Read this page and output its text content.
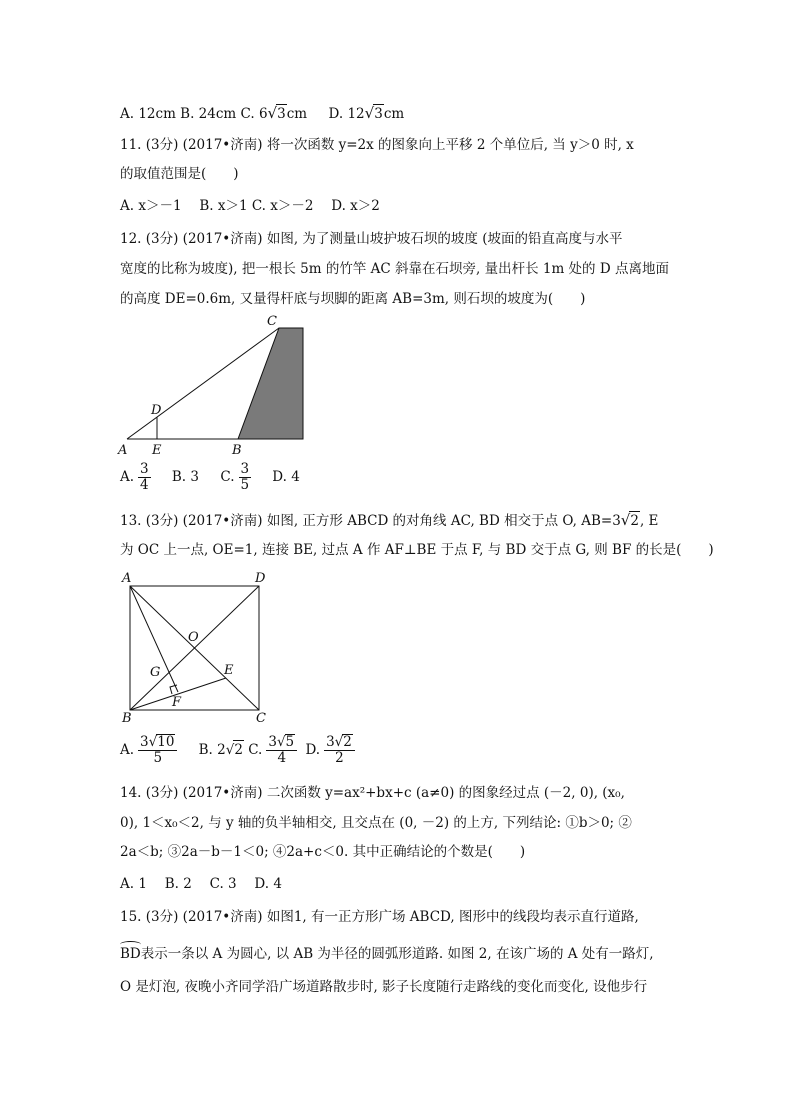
A. 12cm B. 24cm C. 6√3cm D. 12√3cm
11. (3分) (2017•济南) 将一次函数 y=2x 的图象向上平移 2 个单位后, 当 y＞0 时, x
的取值范围是(　　)
A. x＞－1　 B. x＞1 C. x＞－2　 D. x＞2
12. (3分) (2017•济南) 如图, 为了测量山坡护坡石坝的坡度 (坡面的铅直高度与水平
宽度的比称为坡度), 把一根长 5m 的竹竿 AC 斜靠在石坝旁, 量出杆长 1m 处的 D 点离地面
的高度 DE=0.6m, 又量得杆底与坝脚的距离 AB=3m, 则石坝的坡度为(　　)
C
D
A E	B
A. $\frac{3}{4} B$. 3 C. $\frac{3}{5} D$. 4
13. (3分) (2017•济南) 如图, 正方形 ABCD 的对角线 AC, BD 相交于点 O, AB=3√2, E
为 OC 上一点, OE=1, 连接 BE, 过点 A 作 AF⊥BE 于点 F, 与 BD 交于点 G, 则 BF 的长是(　　)
A	D
O
G	E
F
B	C
A. $\frac{3√10}{5} B$. 2√2 C. $\frac{3√5}{4} D$. $\frac{3√2}{2}$
14. (3分) (2017•济南) 二次函数 y=ax²+bx+c (a≠0) 的图象经过点 (－2, 0), (x₀,
0), 1＜x₀＜2, 与 y 轴的负半轴相交, 且交点在 (0, －2) 的上方, 下列结论: ①b＞0; ②
2a＜b; ③2a－b－1＜0; ④2a+c＜0. 其中正确结论的个数是(　　)
A. 1　 B. 2　 C. 3　 D. 4
15. (3分) (2017•济南) 如图1, 有一正方形广场 ABCD, 图形中的线段均表示直行道路,
BD表示一条以 A 为圆心, 以 AB 为半径的圆弧形道路. 如图 2, 在该广场的 A 处有一路灯,
O 是灯泡, 夜晚小齐同学沿广场道路散步时, 影子长度随行走路线的变化而变化, 设他步行
